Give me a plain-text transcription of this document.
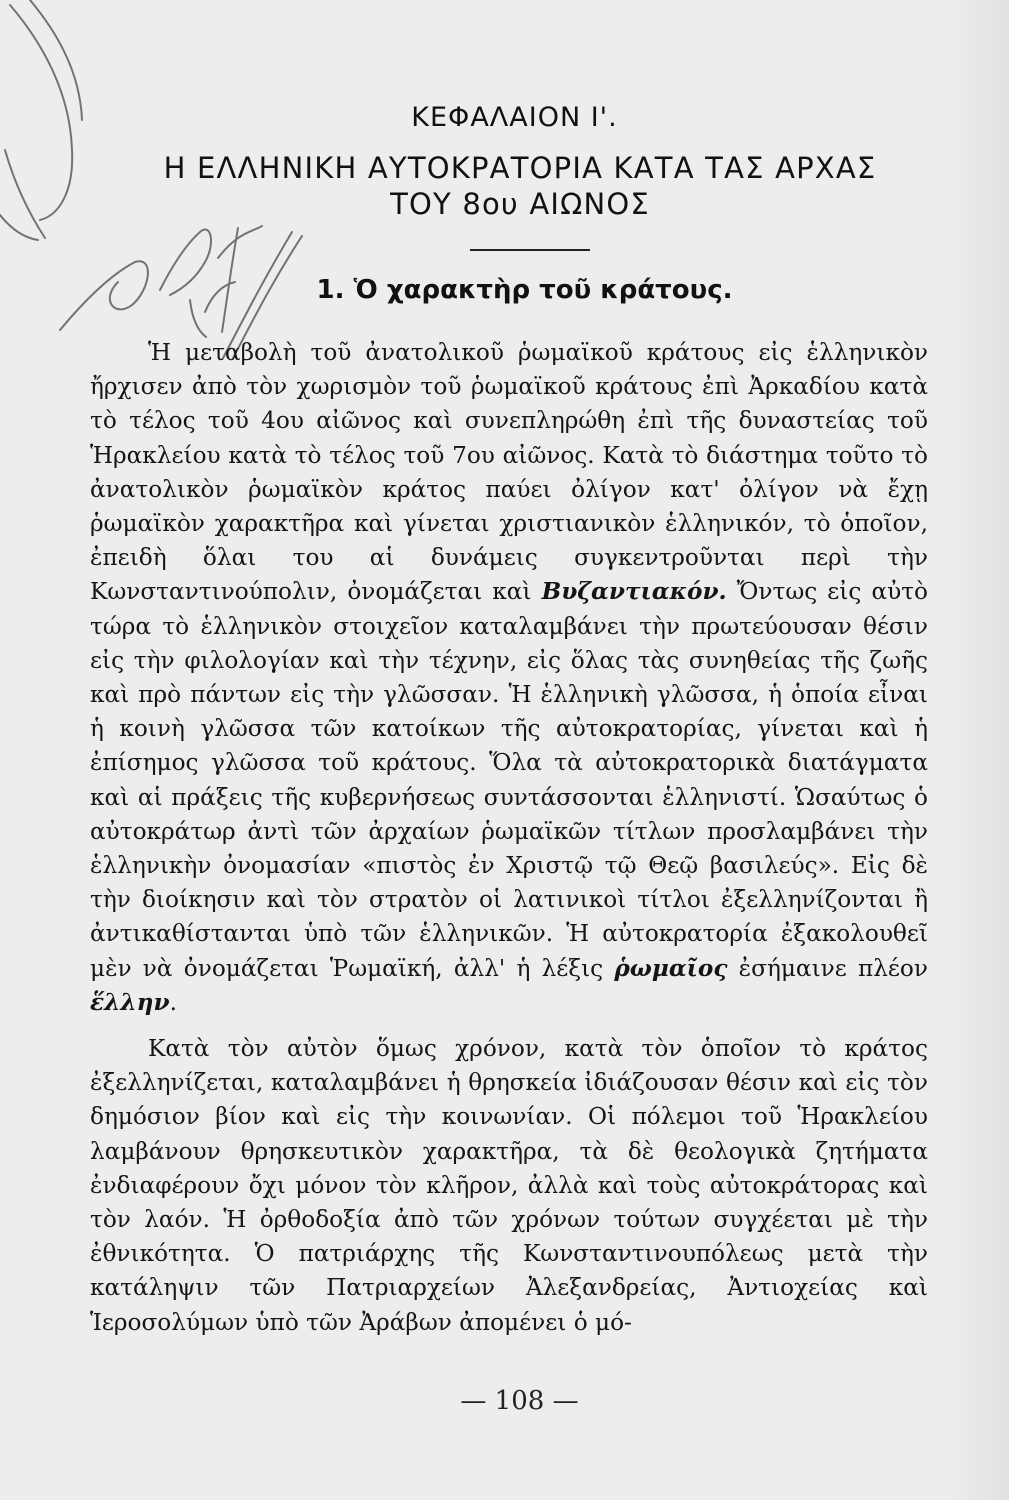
ΚΕΦΑΛΑΙΟΝ Ι'.
Η ΕΛΛΗΝΙΚΗ ΑΥΤΟΚΡΑΤΟΡΙΑ ΚΑΤΑ ΤΑΣ ΑΡΧΑΣ
ΤΟΥ 8ου ΑΙΩΝΟΣ
1. Ὁ χαρακτὴρ τοῦ κράτους.

Ἡ μεταβολὴ τοῦ ἀνατολικοῦ ῥωμαϊκοῦ κράτους εἰς ἑλληνικὸν ἤρχισεν ἀπὸ τὸν χωρισμὸν τοῦ ῥωμαϊκοῦ κράτους ἐπὶ Ἀρκαδίου κατὰ τὸ τέλος τοῦ 4ου αἰῶνος καὶ συνεπληρώθη ἐπὶ τῆς δυναστείας τοῦ Ἡρακλείου κατὰ τὸ τέλος τοῦ 7ου αἰῶνος. Κατὰ τὸ διάστημα τοῦτο τὸ ἀνατολικὸν ῥωμαϊκὸν κράτος παύει ὀλίγον κατ' ὀλίγον νὰ ἔχῃ ῥωμαϊκὸν χαρακτῆρα καὶ γίνεται χριστιανικὸν ἑλληνικόν, τὸ ὁποῖον, ἐπειδὴ ὅλαι του αἱ δυνάμεις συγκεντροῦνται περὶ τὴν Κωνσταντινούπολιν, ὀνομάζεται καὶ Βυζαντιακόν. Ὄντως εἰς αὐτὸ τώρα τὸ ἑλληνικὸν στοιχεῖον καταλαμβάνει τὴν πρωτεύουσαν θέσιν εἰς τὴν φιλολογίαν καὶ τὴν τέχνην, εἰς ὅλας τὰς συνηθείας τῆς ζωῆς καὶ πρὸ πάντων εἰς τὴν γλῶσσαν. Ἡ ἑλληνικὴ γλῶσσα, ἡ ὁποία εἶναι ἡ κοινὴ γλῶσσα τῶν κατοίκων τῆς αὐτοκρατορίας, γίνεται καὶ ἡ ἐπίσημος γλῶσσα τοῦ κράτους. Ὅλα τὰ αὐτοκρατορικὰ διατάγματα καὶ αἱ πράξεις τῆς κυβερνήσεως συντάσσονται ἑλληνιστί. Ὡσαύτως ὁ αὐτοκράτωρ ἀντὶ τῶν ἀρχαίων ῥωμαϊκῶν τίτλων προσλαμβάνει τὴν ἑλληνικὴν ὀνομασίαν «πιστὸς ἐν Χριστῷ τῷ Θεῷ βασιλεύς». Εἰς δὲ τὴν διοίκησιν καὶ τὸν στρατὸν οἱ λατινικοὶ τίτλοι ἐξελληνίζονται ἢ ἀντικαθίστανται ὑπὸ τῶν ἑλληνικῶν. Ἡ αὐτοκρατορία ἐξακολουθεῖ μὲν νὰ ὀνομάζεται Ῥωμαϊκή, ἀλλ' ἡ λέξις ῥωμαῖος ἐσήμαινε πλέον ἕλλην.

Κατὰ τὸν αὐτὸν ὅμως χρόνον, κατὰ τὸν ὁποῖον τὸ κράτος ἐξελληνίζεται, καταλαμβάνει ἡ θρησκεία ἰδιάζουσαν θέσιν καὶ εἰς τὸν δημόσιον βίον καὶ εἰς τὴν κοινωνίαν. Οἱ πόλεμοι τοῦ Ἡρακλείου λαμβάνουν θρησκευτικὸν χαρακτῆρα, τὰ δὲ θεολογικὰ ζητήματα ἐνδιαφέρουν ὄχι μόνον τὸν κλῆρον, ἀλλὰ καὶ τοὺς αὐτοκράτορας καὶ τὸν λαόν. Ἡ ὀρθοδοξία ἀπὸ τῶν χρόνων τούτων συγχέεται μὲ τὴν ἐθνικότητα. Ὁ πατριάρχης τῆς Κωνσταντινουπόλεως μετὰ τὴν κατάληψιν τῶν Πατριαρχείων Ἀλεξανδρείας, Ἀντιοχείας καὶ Ἱεροσολύμων ὑπὸ τῶν Ἀράβων ἀπομένει ὁ μό-

— 108 —
